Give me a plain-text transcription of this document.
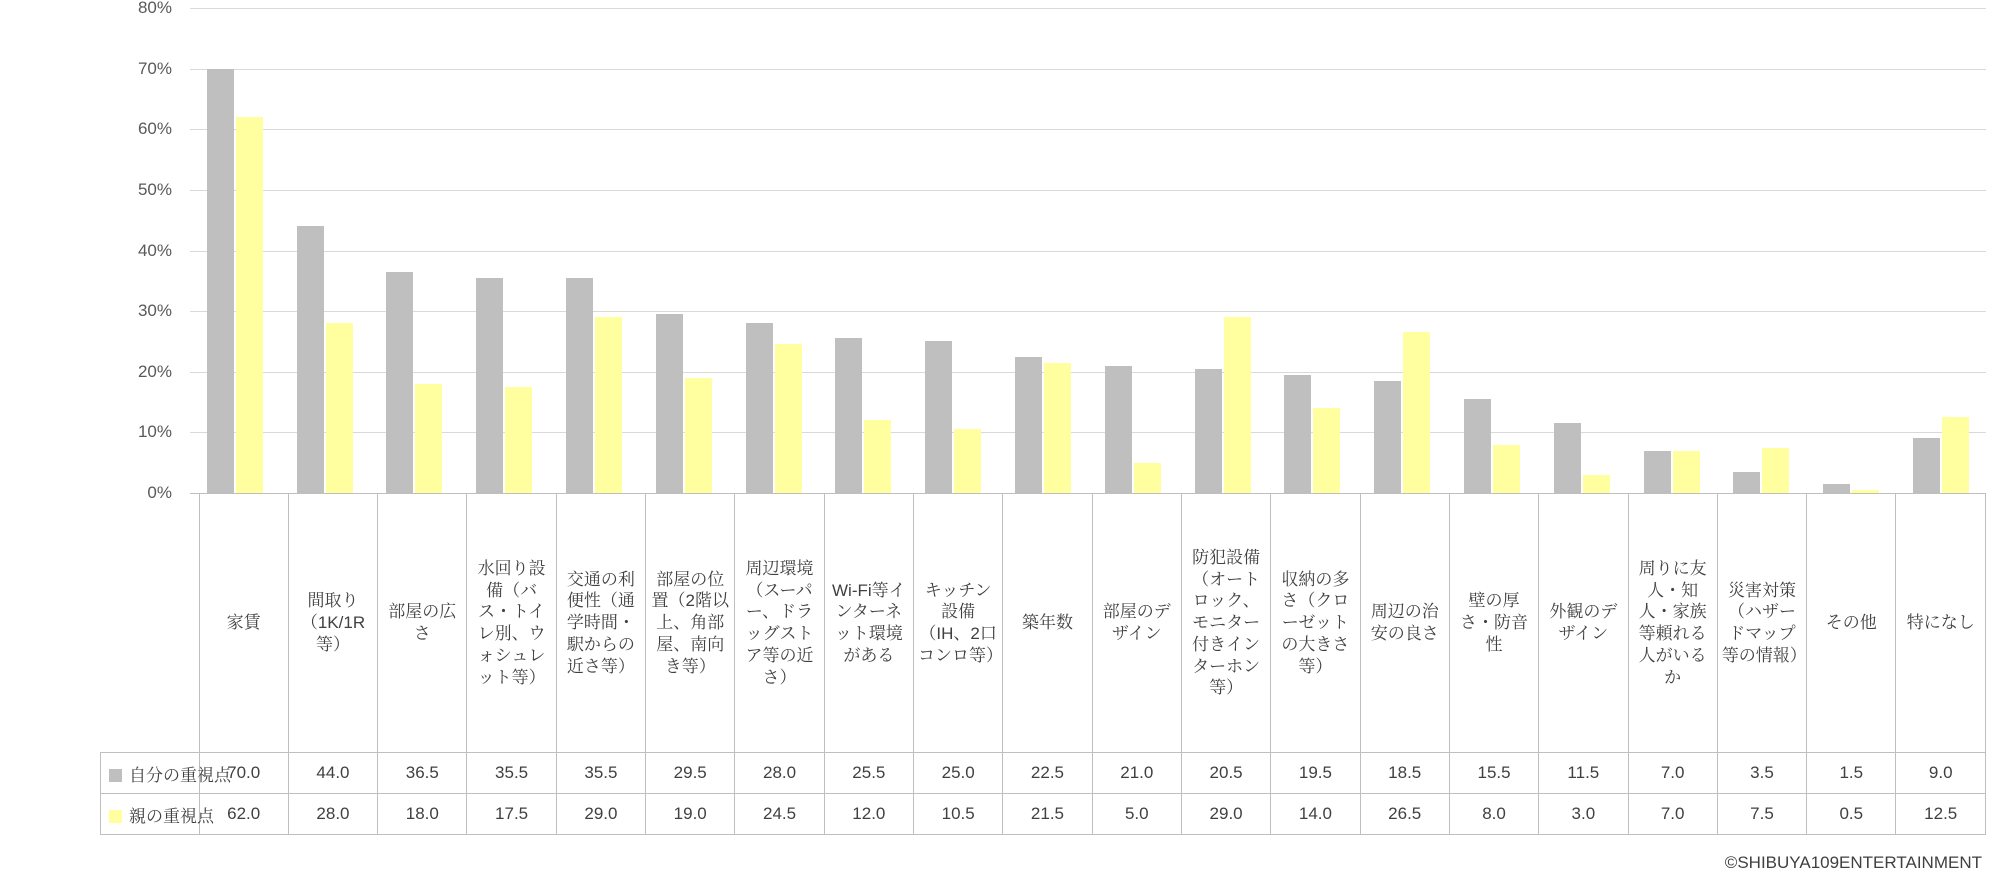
0%
10%
20%
30%
40%
50%
60%
70%
80%
	家賃	間取り（1K/1R等）	部屋の広さ	水回り設備（バス・トイレ別、ウォシュレット等）	交通の利便性（通学時間・駅からの近さ等）	部屋の位置（2階以上、角部屋、南向き等）	周辺環境（スーパー、ドラッグストア等の近さ）	Wi-Fi等インターネット環境がある	キッチン設備（IH、2口コンロ等）	築年数	部屋のデザイン	防犯設備（オートロック、モニター付きインターホン等）	収納の多さ（クローゼットの大きさ等）	周辺の治安の良さ	壁の厚さ・防音性	外観のデザイン	周りに友人・知人・家族等頼れる人がいるか	災害対策（ハザードマップ等の情報）	その他	特になし
自分の重視点	70.0	44.0	36.5	35.5	35.5	29.5	28.0	25.5	25.0	22.5	21.0	20.5	19.5	18.5	15.5	11.5	7.0	3.5	1.5	9.0
親の重視点	62.0	28.0	18.0	17.5	29.0	19.0	24.5	12.0	10.5	21.5	5.0	29.0	14.0	26.5	8.0	3.0	7.0	7.5	0.5	12.5
©SHIBUYA109ENTERTAINMENT
